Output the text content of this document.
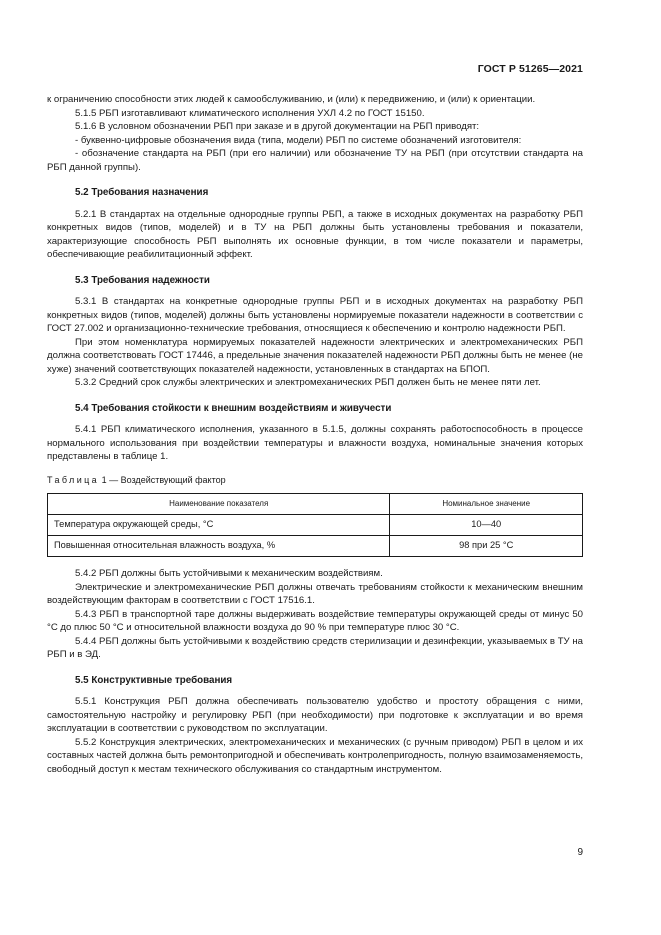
ГОСТ Р 51265—2021

к ограничению способности этих людей к самообслуживанию, и (или) к передвижению, и (или) к ориентации.

5.1.5 РБП изготавливают климатического исполнения УХЛ 4.2 по ГОСТ 15150.

5.1.6 В условном обозначении РБП при заказе и в другой документации на РБП приводят:

- буквенно-цифровые обозначения вида (типа, модели) РБП по системе обозначений изготовителя:

- обозначение стандарта на РБП (при его наличии) или обозначение ТУ на РБП (при отсутствии стандарта на РБП данной группы).

5.2 Требования назначения

5.2.1 В стандартах на отдельные однородные группы РБП, а также в исходных документах на разработку РБП конкретных видов (типов, моделей) и в ТУ на РБП должны быть установлены требования и показатели, характеризующие способность РБП выполнять их основные функции, в том числе показатели и параметры, обеспечивающие реабилитационный эффект.

5.3 Требования надежности

5.3.1 В стандартах на конкретные однородные группы РБП и в исходных документах на разработку РБП конкретных видов (типов, моделей) должны быть установлены нормируемые показатели надежности в соответствии с ГОСТ 27.002 и организационно-технические требования, относящиеся к обеспечению и контролю надежности РБП.

При этом номенклатура нормируемых показателей надежности электрических и электромеханических РБП должна соответствовать ГОСТ 17446, а предельные значения показателей надежности РБП должны быть не менее (не хуже) значений соответствующих показателей надежности, установленных в стандартах на БПОП.

5.3.2 Средний срок службы электрических и электромеханических РБП должен быть не менее пяти лет.

5.4 Требования стойкости к внешним воздействиям и живучести

5.4.1 РБП климатического исполнения, указанного в 5.1.5, должны сохранять работоспособность в процессе нормального использования при воздействии температуры и влажности воздуха, номинальные значения которых представлены в таблице 1.

Таблица 1 — Воздействующий фактор
Наименование показателя	Номинальное значение
Температура окружающей среды, °С	10—40
Повышенная относительная влажность воздуха, %	98 при 25 °С

5.4.2 РБП должны быть устойчивыми к механическим воздействиям.

Электрические и электромеханические РБП должны отвечать требованиям стойкости к механическим внешним воздействующим факторам в соответствии с ГОСТ 17516.1.

5.4.3 РБП в транспортной таре должны выдерживать воздействие температуры окружающей среды от минус 50 °С до плюс 50 °С и относительной влажности воздуха до 90 % при температуре плюс 30 °С.

5.4.4 РБП должны быть устойчивыми к воздействию средств стерилизации и дезинфекции, указываемых в ТУ на РБП и в ЭД.

5.5 Конструктивные требования

5.5.1 Конструкция РБП должна обеспечивать пользователю удобство и простоту обращения с ними, самостоятельную настройку и регулировку РБП (при необходимости) при подготовке к эксплуатации и во время эксплуатации в соответствии с руководством по эксплуатации.

5.5.2 Конструкция электрических, электромеханических и механических (с ручным приводом) РБП в целом и их составных частей должна быть ремонтопригодной и обеспечивать контролепригодность, полную взаимозаменяемость, свободный доступ к местам технического обслуживания со стандартным инструментом.

9
